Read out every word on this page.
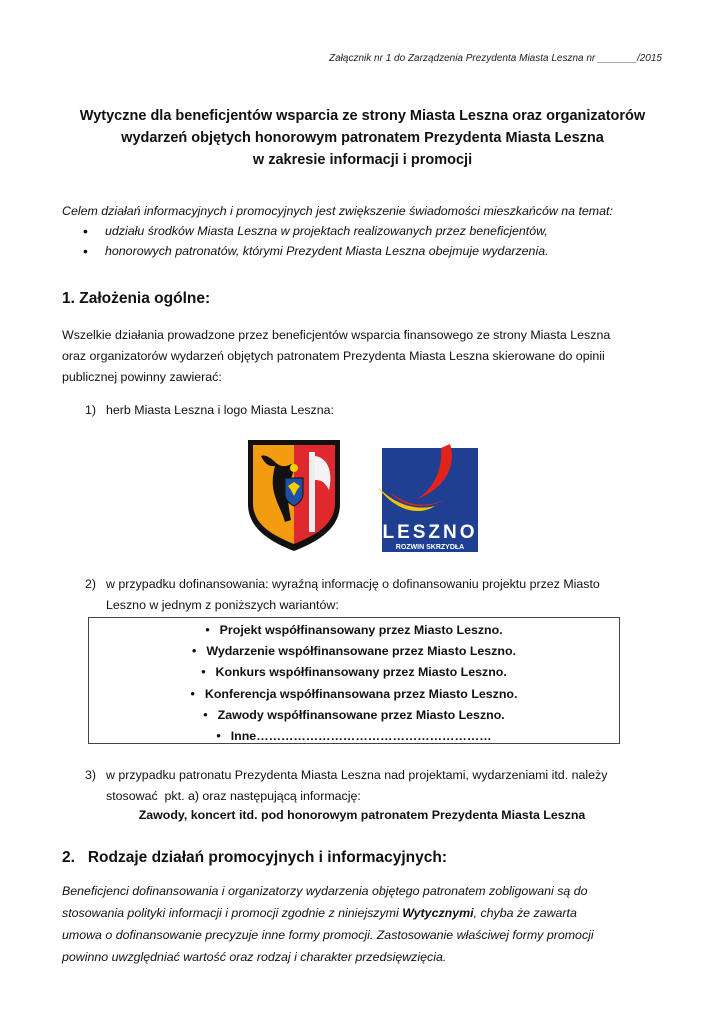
Załącznik nr 1 do Zarządzenia Prezydenta Miasta Leszna nr _______/2015
Wytyczne dla beneficjentów wsparcia ze strony Miasta Leszna oraz organizatorów
wydarzeń objętych honorowym patronatem Prezydenta Miasta Leszna
w zakresie informacji i promocji
Celem działań informacyjnych i promocyjnych jest zwiększenie świadomości mieszkańców na temat:
• udziału środków Miasta Leszna w projektach realizowanych przez beneficjentów,
• honorowych patronatów, którymi Prezydent Miasta Leszna obejmuje wydarzenia.
1. Założenia ogólne:
Wszelkie działania prowadzone przez beneficjentów wsparcia finansowego ze strony Miasta Leszna
oraz organizatorów wydarzeń objętych patronatem Prezydenta Miasta Leszna skierowane do opinii
publicznej powinny zawierać:
1) herb Miasta Leszna i logo Miasta Leszna:
LESZNO
ROZWIN SKRZYDŁA
2) w przypadku dofinansowania: wyraźną informację o dofinansowaniu projektu przez Miasto
Leszno w jednym z poniższych wariantów:
• Projekt współfinansowany przez Miasto Leszno.
• Wydarzenie współfinansowane przez Miasto Leszno.
• Konkurs współfinansowany przez Miasto Leszno.
• Konferencja współfinansowana przez Miasto Leszno.
• Zawody współfinansowane przez Miasto Leszno.
• Inne…………………………………………………
3) w przypadku patronatu Prezydenta Miasta Leszna nad projektami, wydarzeniami itd. należy
stosować  pkt. a) oraz następującą informację:
Zawody, koncert itd. pod honorowym patronatem Prezydenta Miasta Leszna
2.   Rodzaje działań promocyjnych i informacyjnych:
Beneficjenci dofinansowania i organizatorzy wydarzenia objętego patronatem zobligowani są do
stosowania polityki informacji i promocji zgodnie z niniejszymi Wytycznymi, chyba że zawarta
umowa o dofinansowanie precyzuje inne formy promocji. Zastosowanie właściwej formy promocji
powinno uwzględniać wartość oraz rodzaj i charakter przedsięwzięcia.
